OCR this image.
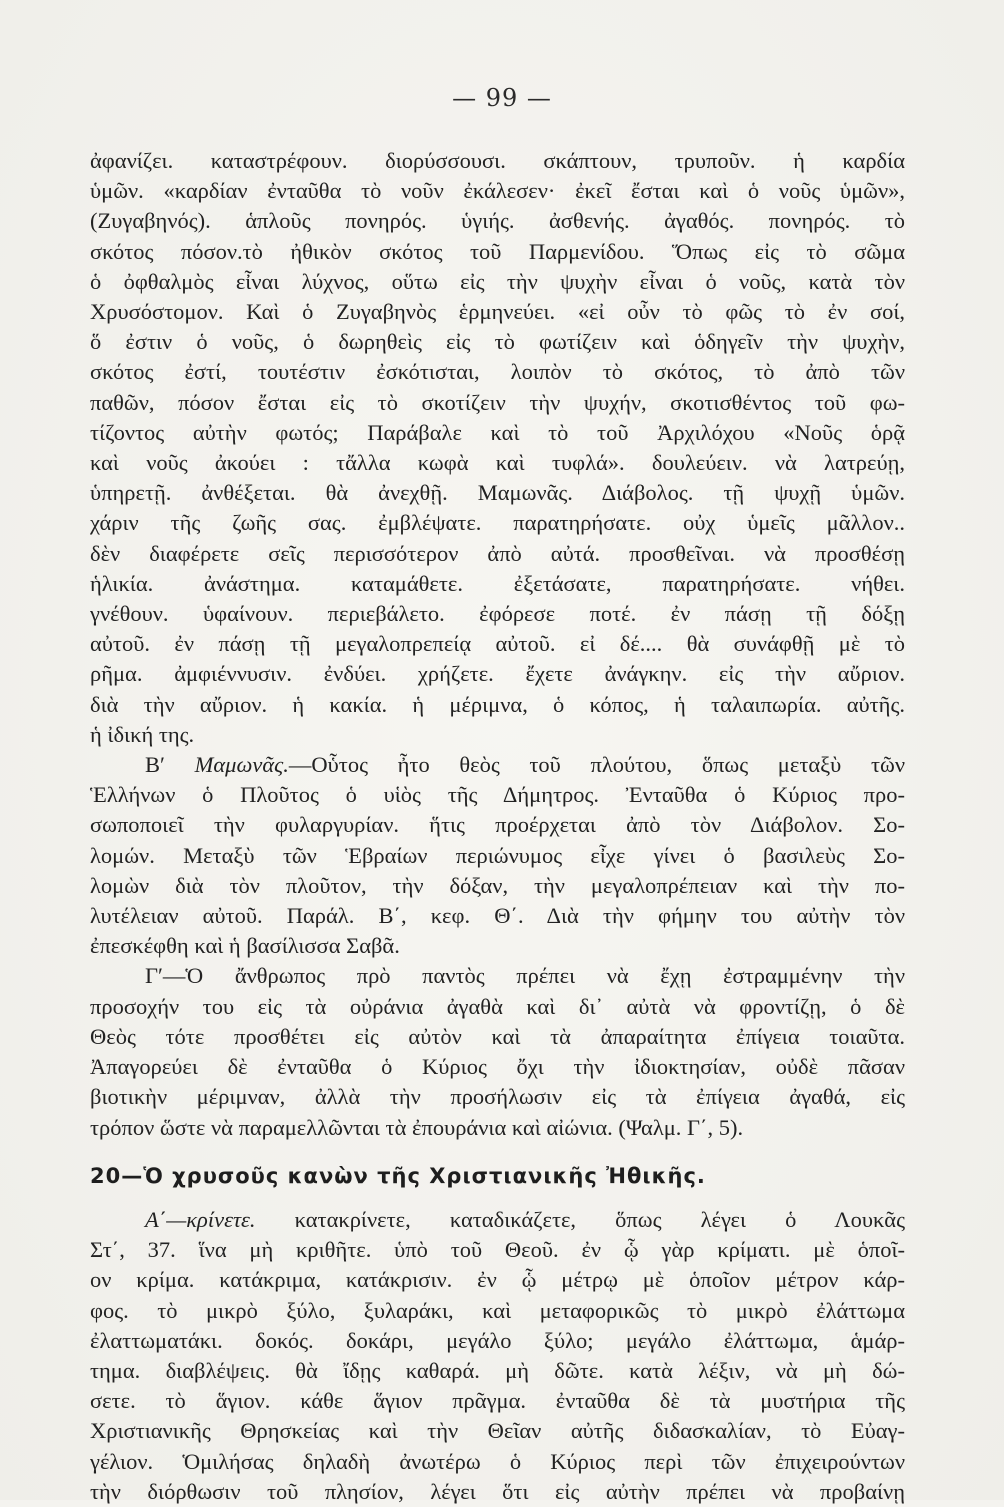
— 99 —
ἀφανίζει. καταστρέφουν. διορύσσουσι. σκάπτουν, τρυποῦν. ἡ καρδία
ὑμῶν. «καρδίαν ἐνταῦθα τὸ νοῦν ἐκάλεσεν· ἐκεῖ ἔσται καὶ ὁ νοῦς ὑμῶν»,
(Ζυγαβηνός). ἁπλοῦς πονηρός. ὑγιής. ἀσθενής. ἀγαθός. πονηρός. τὸ
σκότος πόσον.τὸ ἠθικὸν σκότος τοῦ Παρμενίδου. Ὅπως εἰς τὸ σῶμα
ὁ ὀφθαλμὸς εἶναι λύχνος, οὕτω εἰς τὴν ψυχὴν εἶναι ὁ νοῦς, κατὰ τὸν
Χρυσόστομον. Καὶ ὁ Ζυγαβηνὸς ἑρμηνεύει. «εἰ οὖν τὸ φῶς τὸ ἐν σοί,
ὅ ἐστιν ὁ νοῦς, ὁ δωρηθεὶς εἰς τὸ φωτίζειν καὶ ὁδηγεῖν τὴν ψυχὴν,
σκότος ἐστί, τουτέστιν ἐσκότισται, λοιπὸν τὸ σκότος, τὸ ἀπὸ τῶν
παθῶν, πόσον ἔσται εἰς τὸ σκοτίζειν τὴν ψυχήν, σκοτισθέντος τοῦ φω-
τίζοντος αὐτὴν φωτός; Παράβαλε καὶ τὸ τοῦ Ἀρχιλόχου «Νοῦς ὁρᾷ
καὶ νοῦς ἀκούει : τἄλλα κωφὰ καὶ τυφλά». δουλεύειν. νὰ λατρεύῃ,
ὑπηρετῇ. ἀνθέξεται. θὰ ἀνεχθῇ. Μαμωνᾶς. Διάβολος. τῇ ψυχῇ ὑμῶν.
χάριν τῆς ζωῆς σας. ἐμβλέψατε. παρατηρήσατε. οὐχ ὑμεῖς μᾶλλον..
δὲν διαφέρετε σεῖς περισσότερον ἀπὸ αὐτά. προσθεῖναι. νὰ προσθέσῃ
ἡλικία. ἀνάστημα. καταμάθετε. ἐξετάσατε, παρατηρήσατε. νήθει.
γνέθουν. ὑφαίνουν. περιεβάλετο. ἐφόρεσε ποτέ. ἐν πάσῃ τῇ δόξῃ
αὐτοῦ. ἐν πάσῃ τῇ μεγαλοπρεπείᾳ αὐτοῦ. εἰ δέ.... θὰ συνάφθῇ μὲ τὸ
ρῆμα. ἀμφιέννυσιν. ἐνδύει. χρήζετε. ἔχετε ἀνάγκην. εἰς τὴν αὔριον.
διὰ τὴν αὔριον. ἡ κακία. ἡ μέριμνα, ὁ κόπος, ἡ ταλαιπωρία. αὐτῆς.
ἡ ἰδική της.
Β′ Μαμωνᾶς.—Οὗτος ἦτο θεὸς τοῦ πλούτου, ὅπως μεταξὺ τῶν
Ἑλλήνων ὁ Πλοῦτος ὁ υἱὸς τῆς Δήμητρος. Ἐνταῦθα ὁ Κύριος προ-
σωποποιεῖ τὴν φυλαργυρίαν. ἥτις προέρχεται ἀπὸ τὸν Διάβολον. Σο-
λομών. Μεταξὺ τῶν Ἑβραίων περιώνυμος εἶχε γίνει ὁ βασιλεὺς Σο-
λομὼν διὰ τὸν πλοῦτον, τὴν δόξαν, τὴν μεγαλοπρέπειαν καὶ τὴν πο-
λυτέλειαν αὐτοῦ. Παράλ. Β΄, κεφ. Θ΄. Διὰ τὴν φήμην του αὐτὴν τὸν
ἐπεσκέφθη καὶ ἡ βασίλισσα Σαβᾶ.
Γ′—Ὁ ἄνθρωπος πρὸ παντὸς πρέπει νὰ ἔχῃ ἐστραμμένην τὴν
προσοχήν του εἰς τὰ οὐράνια ἀγαθὰ καὶ δι᾽ αὐτὰ νὰ φροντίζῃ, ὁ δὲ
Θεὸς τότε προσθέτει εἰς αὐτὸν καὶ τὰ ἀπαραίτητα ἐπίγεια τοιαῦτα.
Ἀπαγορεύει δὲ ἐνταῦθα ὁ Κύριος ὄχι τὴν ἰδιοκτησίαν, οὐδὲ πᾶσαν
βιοτικὴν μέριμναν, ἀλλὰ τὴν προσήλωσιν εἰς τὰ ἐπίγεια ἀγαθά, εἰς
τρόπον ὥστε νὰ παραμελλῶνται τὰ ἐπουράνια καὶ αἰώνια. (Ψαλμ. Γ΄, 5).
20—Ὁ χρυσοῦς κανὼν τῆς Χριστιανικῆς Ἠθικῆς.
Α΄—κρίνετε. κατακρίνετε, καταδικάζετε, ὅπως λέγει ὁ Λουκᾶς
Στ΄, 37. ἵνα μὴ κριθῆτε. ὑπὸ τοῦ Θεοῦ. ἐν ᾧ γὰρ κρίματι. μὲ ὁποῖ-
ον κρίμα. κατάκριμα, κατάκρισιν. ἐν ᾧ μέτρῳ μὲ ὁποῖον μέτρον κάρ-
φος. τὸ μικρὸ ξύλο, ξυλαράκι, καὶ μεταφορικῶς τὸ μικρὸ ἐλάττωμα
ἐλαττωματάκι. δοκός. δοκάρι, μεγάλο ξύλο; μεγάλο ἐλάττωμα, ἁμάρ-
τημα. διαβλέψεις. θὰ ἴδῃς καθαρά. μὴ δῶτε. κατὰ λέξιν, νὰ μὴ δώ-
σετε. τὸ ἅγιον. κάθε ἅγιον πρᾶγμα. ἐνταῦθα δὲ τὰ μυστήρια τῆς
Χριστιανικῆς Θρησκείας καὶ τὴν Θεῖαν αὐτῆς διδασκαλίαν, τὸ Εὐαγ-
γέλιον. Ὁμιλήσας δηλαδὴ ἀνωτέρω ὁ Κύριος περὶ τῶν ἐπιχειρούντων
τὴν διόρθωσιν τοῦ πλησίον, λέγει ὅτι εἰς αὐτὴν πρέπει νὰ προβαίνῃ
